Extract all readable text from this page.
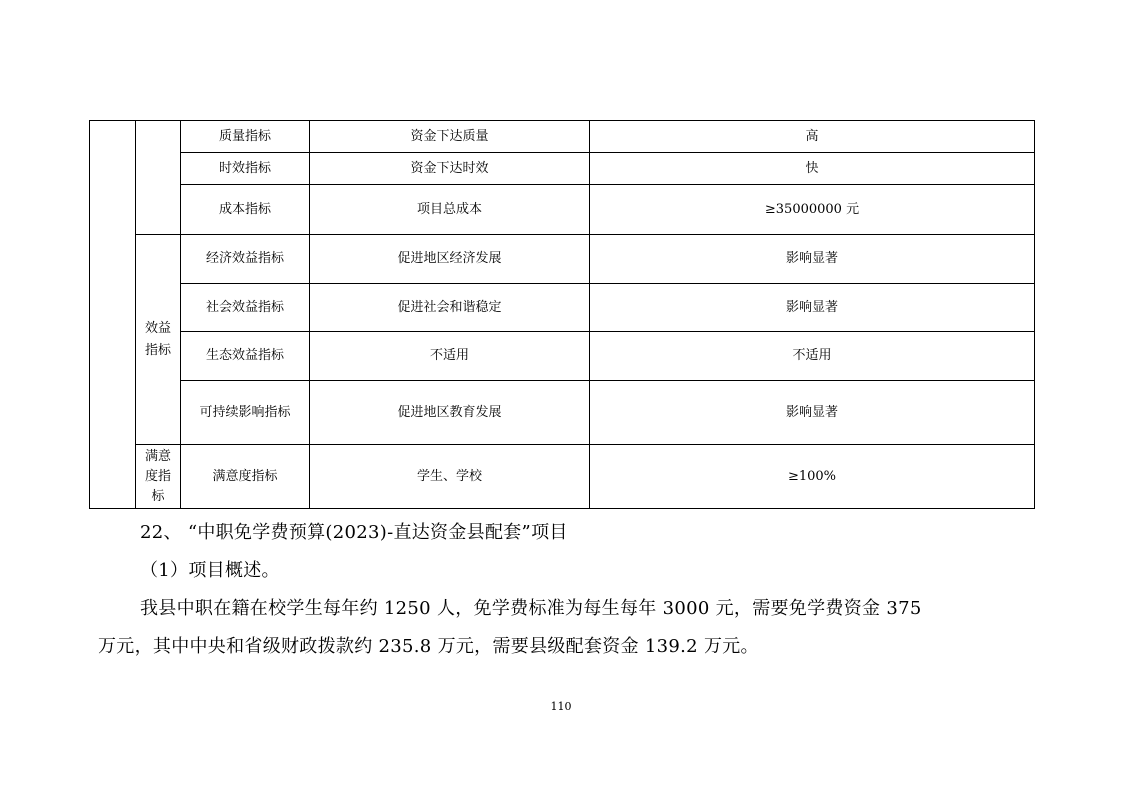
		质量指标	资金下达质量	高
		时效指标	资金下达时效	快
		成本指标	项目总成本	≥35000000 元

	效益指标	经济效益指标	促进地区经济发展	影响显著
		社会效益指标	促进社会和谐稳定	影响显著
		生态效益指标	不适用	不适用
		可持续影响指标	促进地区教育发展	影响显著

	满意度指标	满意度指标	学生、学校	≥100%
22、 “中职免学费预算(2023)-直达资金县配套”项目
（1）项目概述。
我县中职在籍在校学生每年约 1250 人，免学费标准为每生每年 3000 元，需要免学费资金 375
万元，其中中央和省级财政拨款约 235.8 万元，需要县级配套资金 139.2 万元。
110
